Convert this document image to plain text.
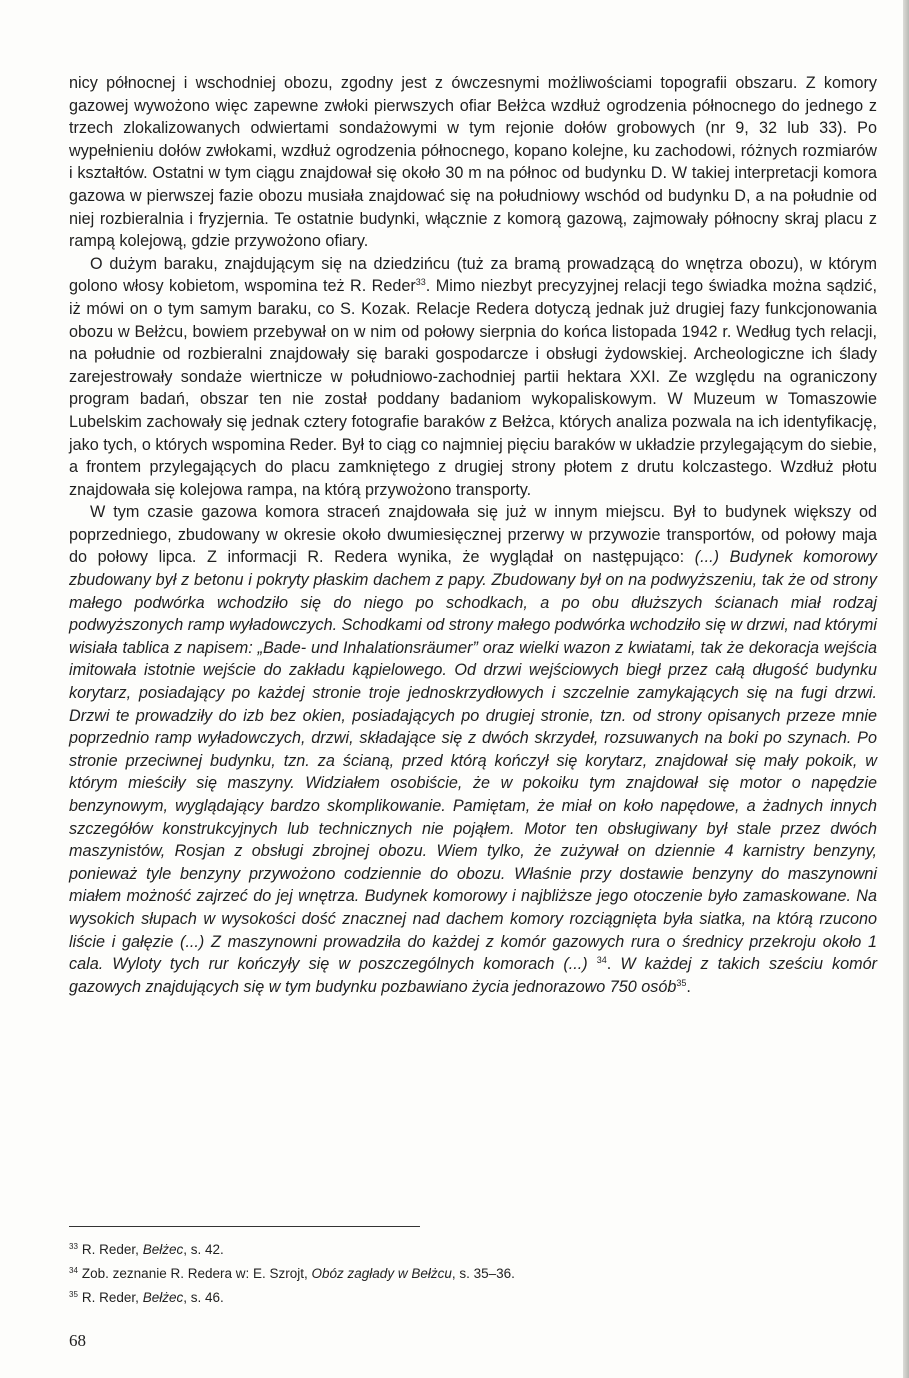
nicy północnej i wschodniej obozu, zgodny jest z ówczesnymi możliwościami topografii obszaru. Z komory gazowej wywożono więc zapewne zwłoki pierwszych ofiar Bełżca wzdłuż ogrodzenia północnego do jednego z trzech zlokalizowanych odwiertami sondażowymi w tym rejonie dołów grobowych (nr 9, 32 lub 33). Po wypełnieniu dołów zwłokami, wzdłuż ogrodzenia północnego, kopano kolejne, ku zachodowi, różnych rozmiarów i kształtów. Ostatni w tym ciągu znajdował się około 30 m na północ od budynku D. W takiej interpretacji komora gazowa w pierwszej fazie obozu musiała znajdować się na południowy wschód od budynku D, a na południe od niej rozbieralnia i fryzjernia. Te ostatnie budynki, włącznie z komorą gazową, zajmowały północny skraj placu z rampą kolejową, gdzie przywożono ofiary.

O dużym baraku, znajdującym się na dziedzińcu (tuż za bramą prowadzącą do wnętrza obozu), w którym golono włosy kobietom, wspomina też R. Reder$^{33}$. Mimo niezbyt precyzyjnej relacji tego świadka można sądzić, iż mówi on o tym samym baraku, co S. Kozak. Relacje Redera dotyczą jednak już drugiej fazy funkcjonowania obozu w Bełżcu, bowiem przebywał on w nim od połowy sierpnia do końca listopada 1942 r. Według tych relacji, na południe od rozbieralni znajdowały się baraki gospodarcze i obsługi żydowskiej. Archeologiczne ich ślady zarejestrowały sondaże wiertnicze w południowo-zachodniej partii hektara XXI. Ze względu na ograniczony program badań, obszar ten nie został poddany badaniom wykopaliskowym. W Muzeum w Tomaszowie Lubelskim zachowały się jednak cztery fotografie baraków z Bełżca, których analiza pozwala na ich identyfikację, jako tych, o których wspomina Reder. Był to ciąg co najmniej pięciu baraków w układzie przylegającym do siebie, a frontem przylegających do placu zamkniętego z drugiej strony płotem z drutu kolczastego. Wzdłuż płotu znajdowała się kolejowa rampa, na którą przywożono transporty.

W tym czasie gazowa komora straceń znajdowała się już w innym miejscu. Był to budynek większy od poprzedniego, zbudowany w okresie około dwumiesięcznej przerwy w przywozie transportów, od połowy maja do połowy lipca. Z informacji R. Redera wynika, że wyglądał on następująco: (...) Budynek komorowy zbudowany był z betonu i pokryty płaskim dachem z papy. Zbudowany był on na podwyższeniu, tak że od strony małego podwórka wchodziło się do niego po schodkach, a po obu dłuższych ścianach miał rodzaj podwyższonych ramp wyładowczych. Schodkami od strony małego podwórka wchodziło się w drzwi, nad którymi wisiała tablica z napisem: „Bade- und Inhalationsräumer” oraz wielki wazon z kwiatami, tak że dekoracja wejścia imitowała istotnie wejście do zakładu kąpielowego. Od drzwi wejściowych biegł przez całą długość budynku korytarz, posiadający po każdej stronie troje jednoskrzydłowych i szczelnie zamykających się na fugi drzwi. Drzwi te prowadziły do izb bez okien, posiadających po drugiej stronie, tzn. od strony opisanych przeze mnie poprzednio ramp wyładowczych, drzwi, składające się z dwóch skrzydeł, rozsuwanych na boki po szynach. Po stronie przeciwnej budynku, tzn. za ścianą, przed którą kończył się korytarz, znajdował się mały pokoik, w którym mieściły się maszyny. Widziałem osobiście, że w pokoiku tym znajdował się motor o napędzie benzynowym, wyglądający bardzo skomplikowanie. Pamiętam, że miał on koło napędowe, a żadnych innych szczegółów konstrukcyjnych lub technicznych nie pojąłem. Motor ten obsługiwany był stale przez dwóch maszynistów, Rosjan z obsługi zbrojnej obozu. Wiem tylko, że zużywał on dziennie 4 karnistry benzyny, ponieważ tyle benzyny przywożono codziennie do obozu. Właśnie przy dostawie benzyny do maszynowni miałem możność zajrzeć do jej wnętrza. Budynek komorowy i najbliższe jego otoczenie było zamaskowane. Na wysokich słupach w wysokości dość znacznej nad dachem komory rozciągnięta była siatka, na którą rzucono liście i gałęzie (...) Z maszynowni prowadziła do każdej z komór gazowych rura o średnicy przekroju około 1 cala. Wyloty tych rur kończyły się w poszczególnych komorach (...) $^{34}$. W każdej z takich sześciu komór gazowych znajdujących się w tym budynku pozbawiano życia jednorazowo 750 osób$^{35}$.

$^{33}$ R. Reder, Bełżec, s. 42.
$^{34}$ Zob. zeznanie R. Redera w: E. Szrojt, Obóz zagłady w Bełżcu, s. 35–36.
$^{35}$ R. Reder, Bełżec, s. 46.
68
